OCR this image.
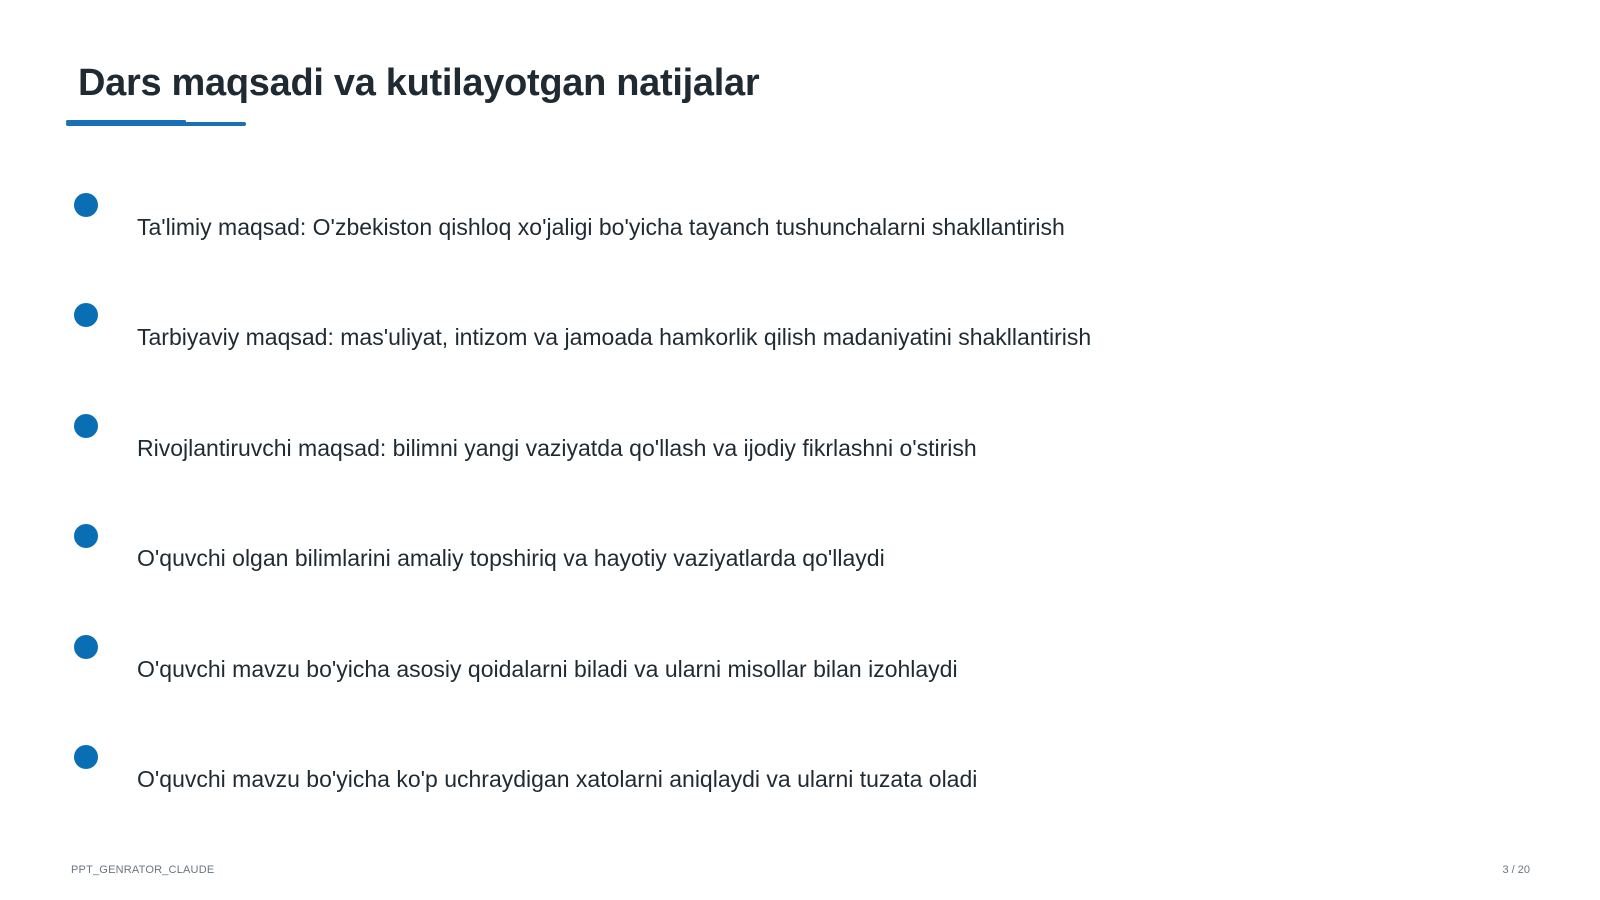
Dars maqsadi va kutilayotgan natijalar
Ta'limiy maqsad: O'zbekiston qishloq xo'jaligi bo'yicha tayanch tushunchalarni shakllantirish
Tarbiyaviy maqsad: mas'uliyat, intizom va jamoada hamkorlik qilish madaniyatini shakllantirish
Rivojlantiruvchi maqsad: bilimni yangi vaziyatda qo'llash va ijodiy fikrlashni o'stirish
O'quvchi olgan bilimlarini amaliy topshiriq va hayotiy vaziyatlarda qo'llaydi
O'quvchi mavzu bo'yicha asosiy qoidalarni biladi va ularni misollar bilan izohlaydi
O'quvchi mavzu bo'yicha ko'p uchraydigan xatolarni aniqlaydi va ularni tuzata oladi
PPT_GENRATOR_CLAUDE	3 / 20
